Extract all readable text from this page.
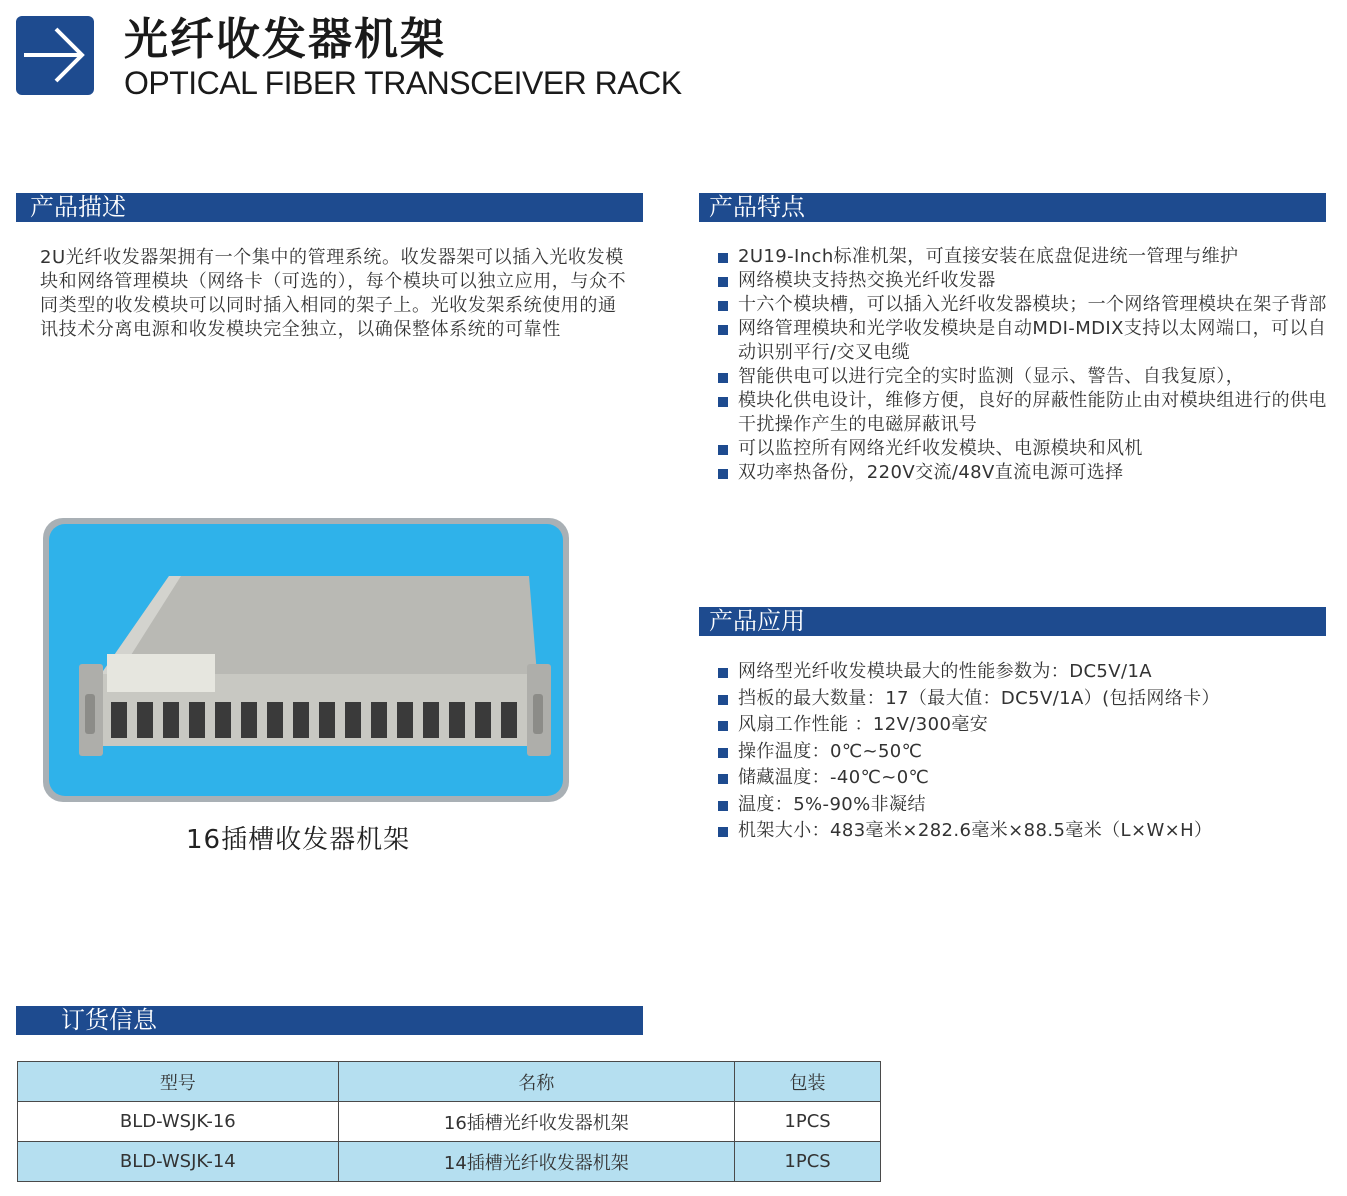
光纤收发器机架
OPTICAL FIBER TRANSCEIVER RACK
产品描述
2U光纤收发器架拥有一个集中的管理系统。收发器架可以插入光收发模块和网络管理模块（网络卡（可选的），每个模块可以独立应用，与众不同类型的收发模块可以同时插入相同的架子上。光收发架系统使用的通讯技术分离电源和收发模块完全独立，以确保整体系统的可靠性
产品特点
2U19-Inch标准机架，可直接安装在底盘促进统一管理与维护
网络模块支持热交换光纤收发器
十六个模块槽，可以插入光纤收发器模块；一个网络管理模块在架子背部
网络管理模块和光学收发模块是自动MDI-MDIX支持以太网端口，可以自动识别平行/交叉电缆
智能供电可以进行完全的实时监测（显示、警告、自我复原），
模块化供电设计，维修方便，良好的屏蔽性能防止由对模块组进行的供电干扰操作产生的电磁屏蔽讯号
可以监控所有网络光纤收发模块、电源模块和风机
双功率热备份，220V交流/48V直流电源可选择
16插槽收发器机架
产品应用
网络型光纤收发模块最大的性能参数为：DC5V/1A
挡板的最大数量：17（最大值：DC5V/1A）(包括网络卡）
风扇工作性能 ：12V/300毫安
操作温度：0℃~50℃
储藏温度：-40℃~0℃
温度：5%-90%非凝结
机架大小：483毫米×282.6毫米×88.5毫米（L×W×H）
订货信息
型号	名称	包装
BLD-WSJK-16	16插槽光纤收发器机架	1PCS
BLD-WSJK-14	14插槽光纤收发器机架	1PCS
